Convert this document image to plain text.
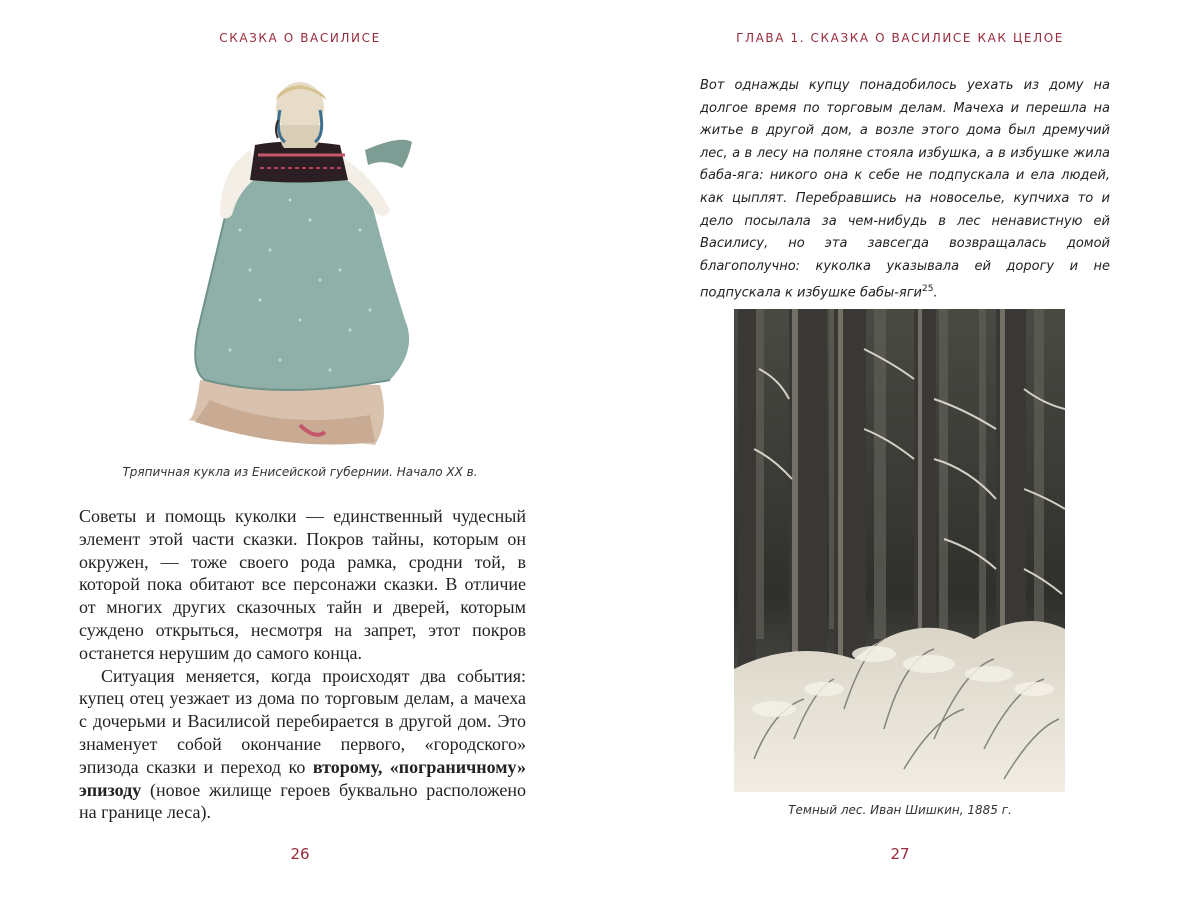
СКАЗКА О ВАСИЛИСЕ
Тряпичная кукла из Енисейской губернии. Начало XX в.

Советы и помощь куколки — единственный чудесный элемент этой части сказки. Покров тайны, которым он окружен, — тоже своего рода рамка, сродни той, в которой пока обитают все персонажи сказки. В отличие от многих других сказочных тайн и дверей, которым суждено открыться, несмотря на запрет, этот покров останется нерушим до самого конца.

Ситуация меняется, когда происходят два события: купец отец уезжает из дома по торговым делам, а мачеха с дочерьми и Василисой перебирается в другой дом. Это знаменует собой окончание первого, «городского» эпизода сказки и переход ко второму, «пограничному» эпизоду (новое жилище героев буквально расположено на границе леса).

26
ГЛАВА 1. СКАЗКА О ВАСИЛИСЕ КАК ЦЕЛОЕ
27
Вот однажды купцу понадобилось уехать из дому на долгое время по торговым делам. Мачеха и перешла на житье в другой дом, а возле этого дома был дремучий лес, а в лесу на поляне стояла избушка, а в избушке жила баба-яга: никого она к себе не подпускала и ела людей, как цыплят. Перебравшись на новоселье, купчиха то и дело посылала за чем-нибудь в лес ненавистную ей Василису, но эта завсегда возвращалась домой благополучно: куколка указывала ей дорогу и не подпускала к избушке бабы-яги$^{25}$.
Темный лес. Иван Шишкин, 1885 г.
